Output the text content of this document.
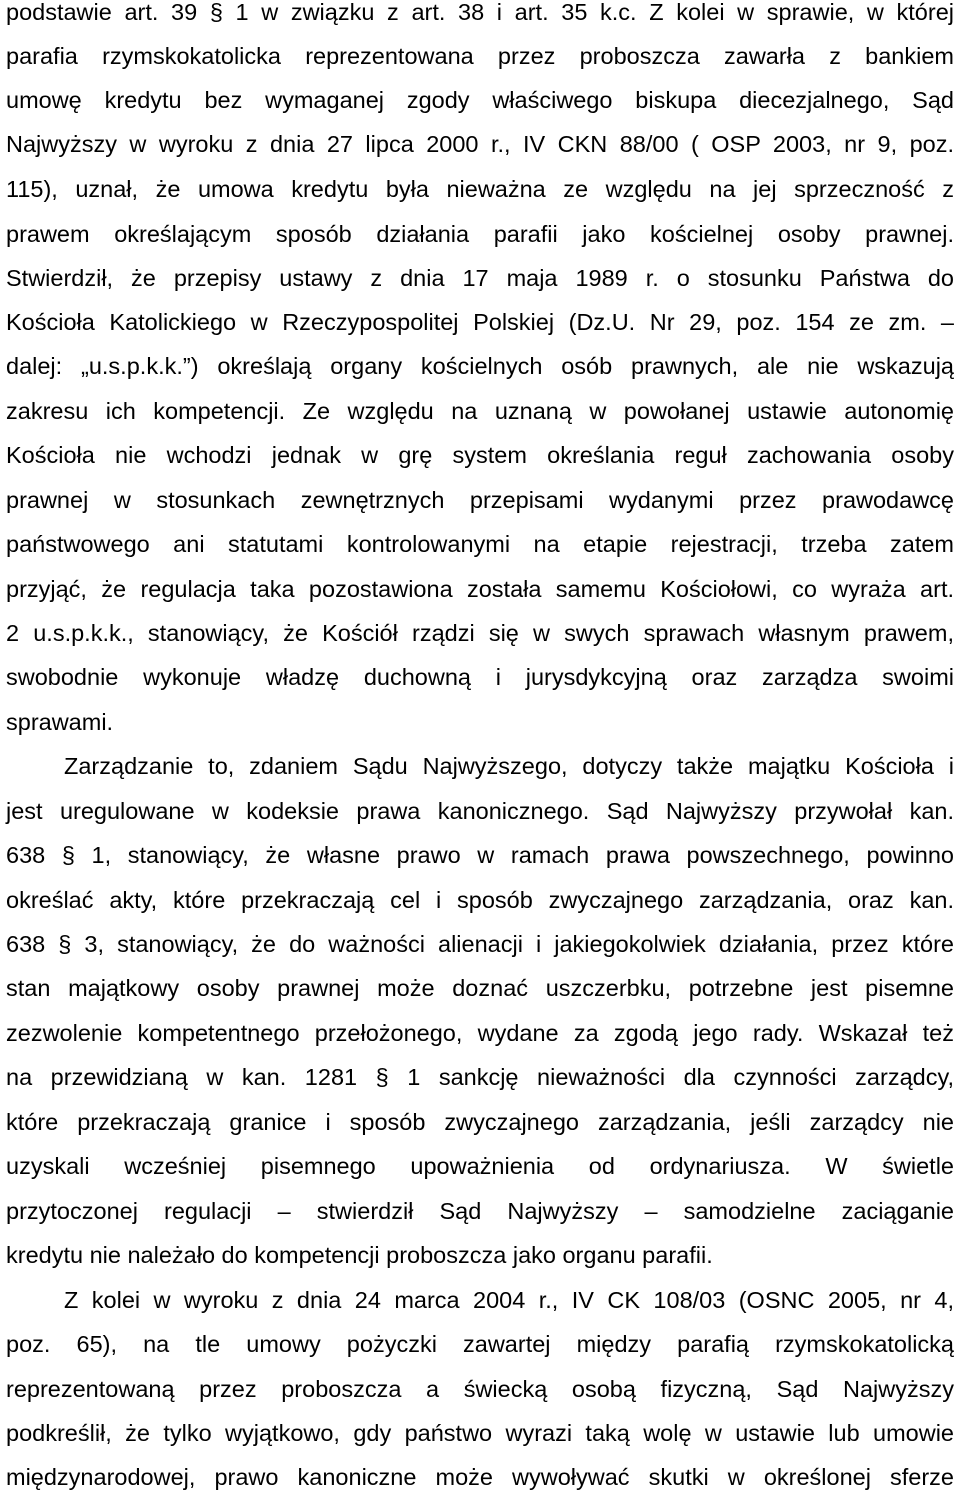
podstawie art. 39 § 1 w związku z art. 38 i art. 35 k.c. Z kolei w sprawie, w której
parafia rzymskokatolicka reprezentowana przez proboszcza zawarła z bankiem
umowę kredytu bez wymaganej zgody właściwego biskupa diecezjalnego, Sąd
Najwyższy w wyroku z dnia 27 lipca 2000 r., IV CKN 88/00 ( OSP 2003, nr 9, poz.
115), uznał, że umowa kredytu była nieważna ze względu na jej sprzeczność z
prawem określającym sposób działania parafii jako kościelnej osoby prawnej.
Stwierdził, że przepisy ustawy z dnia 17 maja 1989 r. o stosunku Państwa do
Kościoła Katolickiego w Rzeczypospolitej Polskiej (Dz.U. Nr 29, poz. 154 ze zm. –
dalej: „u.s.p.k.k.”) określają organy kościelnych osób prawnych, ale nie wskazują
zakresu ich kompetencji. Ze względu na uznaną w powołanej ustawie autonomię
Kościoła nie wchodzi jednak w grę system określania reguł zachowania osoby
prawnej w stosunkach zewnętrznych przepisami wydanymi przez prawodawcę
państwowego ani statutami kontrolowanymi na etapie rejestracji, trzeba zatem
przyjąć, że regulacja taka pozostawiona została samemu Kościołowi, co wyraża art.
2 u.s.p.k.k., stanowiący, że Kościół rządzi się w swych sprawach własnym prawem,
swobodnie wykonuje władzę duchowną i jurysdykcyjną oraz zarządza swoimi
sprawami.
Zarządzanie to, zdaniem Sądu Najwyższego, dotyczy także majątku Kościoła i
jest uregulowane w kodeksie prawa kanonicznego. Sąd Najwyższy przywołał kan.
638 § 1, stanowiący, że własne prawo w ramach prawa powszechnego, powinno
określać akty, które przekraczają cel i sposób zwyczajnego zarządzania, oraz kan.
638 § 3, stanowiący, że do ważności alienacji i jakiegokolwiek działania, przez które
stan majątkowy osoby prawnej może doznać uszczerbku, potrzebne jest pisemne
zezwolenie kompetentnego przełożonego, wydane za zgodą jego rady. Wskazał też
na przewidzianą w kan. 1281 § 1 sankcję nieważności dla czynności zarządcy,
które przekraczają granice i sposób zwyczajnego zarządzania, jeśli zarządcy nie
uzyskali wcześniej pisemnego upoważnienia od ordynariusza. W świetle
przytoczonej regulacji – stwierdził Sąd Najwyższy – samodzielne zaciąganie
kredytu nie należało do kompetencji proboszcza jako organu parafii.
Z kolei w wyroku z dnia 24 marca 2004 r., IV CK 108/03 (OSNC 2005, nr 4,
poz. 65), na tle umowy pożyczki zawartej między parafią rzymskokatolicką
reprezentowaną przez proboszcza a świecką osobą fizyczną, Sąd Najwyższy
podkreślił, że tylko wyjątkowo, gdy państwo wyrazi taką wolę w ustawie lub umowie
międzynarodowej, prawo kanoniczne może wywoływać skutki w określonej sferze
